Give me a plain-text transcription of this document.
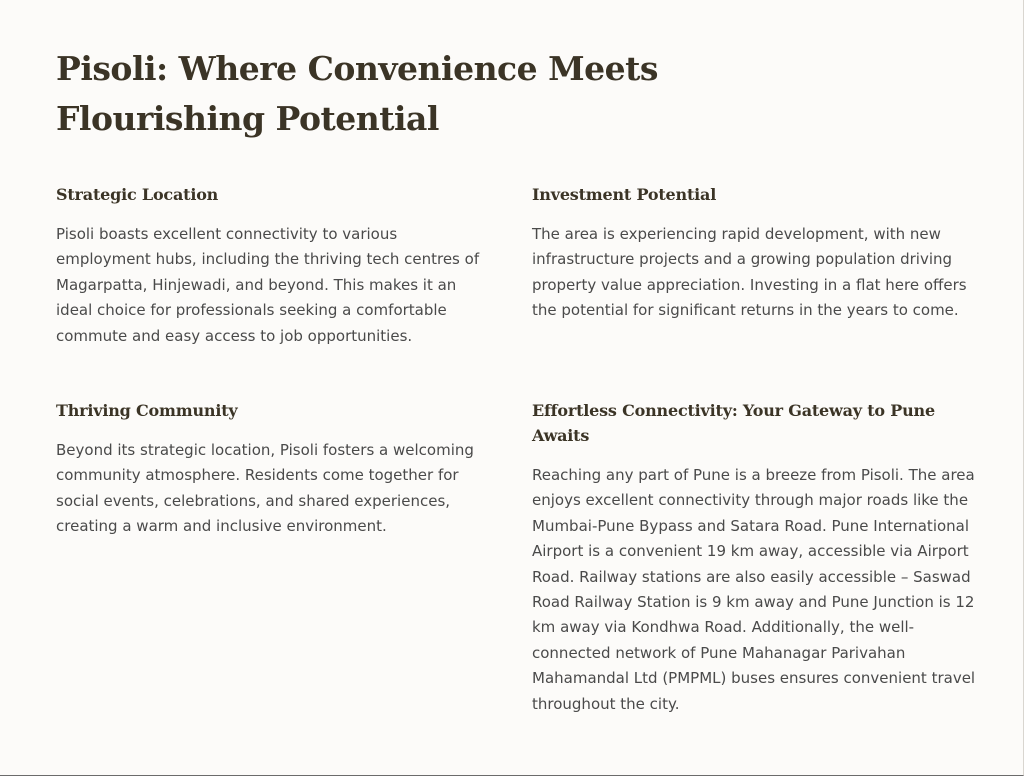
Pisoli: Where Convenience Meets Flourishing Potential
Strategic Location

Pisoli boasts excellent connectivity to various employment hubs, including the thriving tech centres of Magarpatta, Hinjewadi, and beyond. This makes it an ideal choice for professionals seeking a comfortable commute and easy access to job opportunities.

Investment Potential

The area is experiencing rapid development, with new infrastructure projects and a growing population driving property value appreciation. Investing in a flat here offers the potential for significant returns in the years to come.

Thriving Community

Beyond its strategic location, Pisoli fosters a welcoming community atmosphere. Residents come together for social events, celebrations, and shared experiences, creating a warm and inclusive environment.

Effortless Connectivity: Your Gateway to Pune Awaits

Reaching any part of Pune is a breeze from Pisoli. The area enjoys excellent connectivity through major roads like the Mumbai-Pune Bypass and Satara Road. Pune International Airport is a convenient 19 km away, accessible via Airport Road. Railway stations are also easily accessible – Saswad Road Railway Station is 9 km away and Pune Junction is 12 km away via Kondhwa Road. Additionally, the well-connected network of Pune Mahanagar Parivahan Mahamandal Ltd (PMPML) buses ensures convenient travel throughout the city.
